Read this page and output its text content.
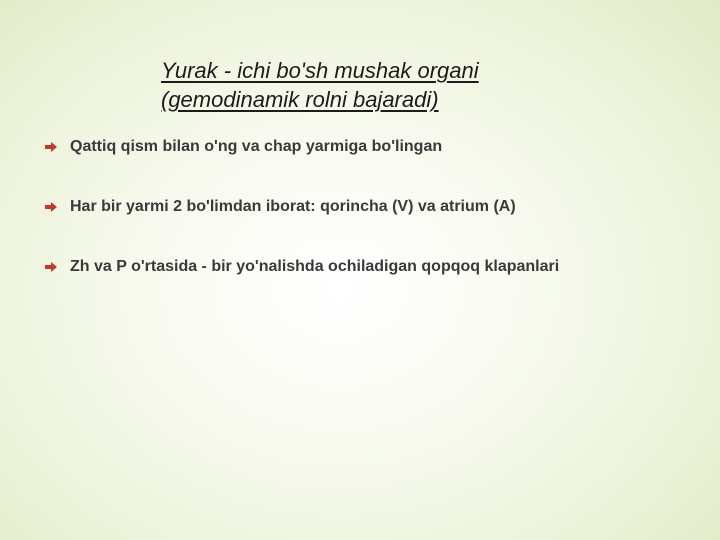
Yurak - ichi bo'sh mushak organi
(gemodinamik rolni bajaradi)
Qattiq qism bilan o'ng va chap yarmiga bo'lingan
Har bir yarmi 2 bo'limdan iborat: qorincha (V) va atrium (A)
Zh va P o'rtasida - bir yo'nalishda ochiladigan qopqoq klapanlari
